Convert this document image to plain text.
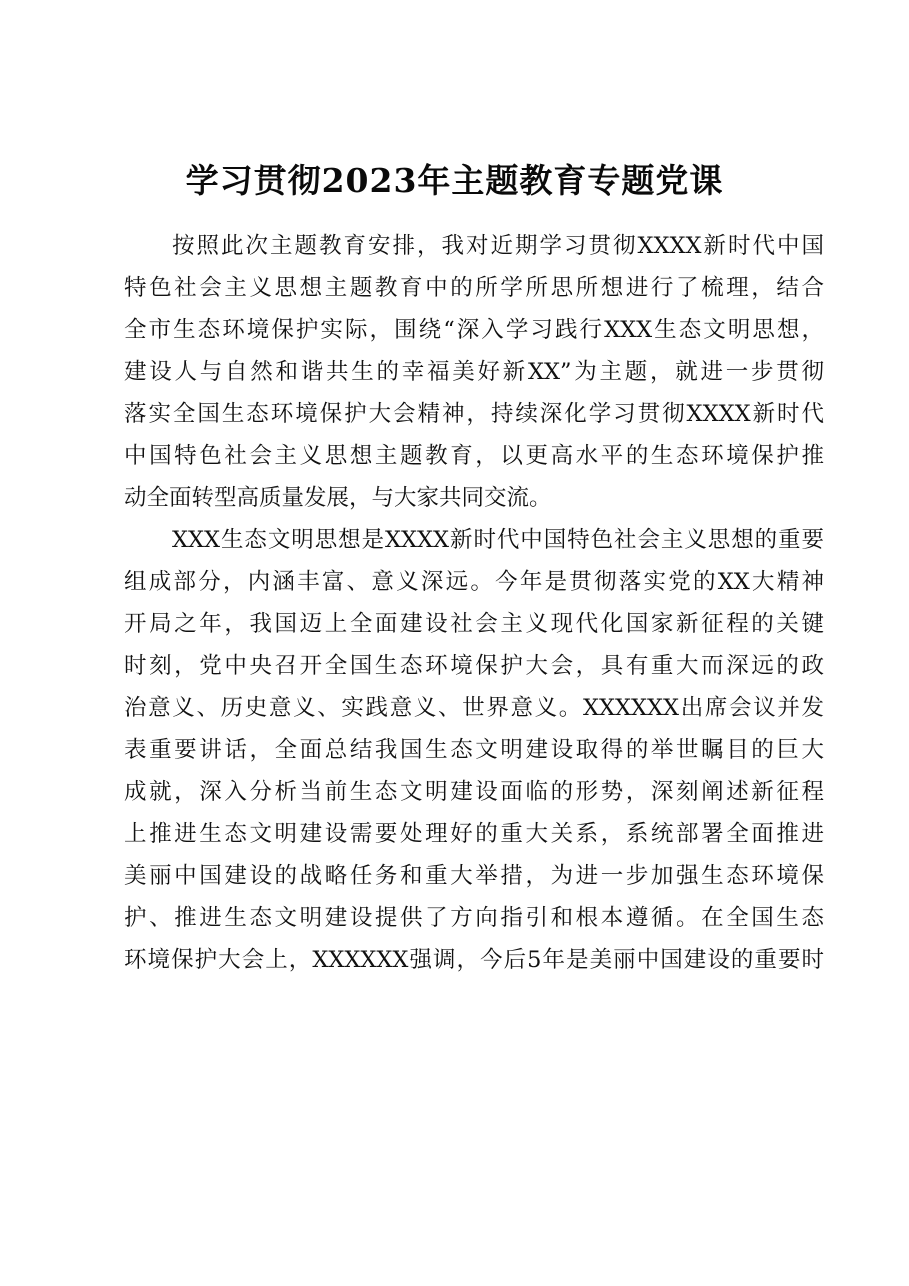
学习贯彻2023年主题教育专题党课
按照此次主题教育安排，我对近期学习贯彻XXXX新时代中国
特色社会主义思想主题教育中的所学所思所想进行了梳理，结合
全市生态环境保护实际，围绕“深入学习践行XXX生态文明思想，
建设人与自然和谐共生的幸福美好新XX”为主题，就进一步贯彻
落实全国生态环境保护大会精神，持续深化学习贯彻XXXX新时代
中国特色社会主义思想主题教育，以更高水平的生态环境保护推
动全面转型高质量发展，与大家共同交流。
XXX生态文明思想是XXXX新时代中国特色社会主义思想的重要
组成部分，内涵丰富、意义深远。今年是贯彻落实党的XX大精神
开局之年，我国迈上全面建设社会主义现代化国家新征程的关键
时刻，党中央召开全国生态环境保护大会，具有重大而深远的政
治意义、历史意义、实践意义、世界意义。XXXXXX出席会议并发
表重要讲话，全面总结我国生态文明建设取得的举世瞩目的巨大
成就，深入分析当前生态文明建设面临的形势，深刻阐述新征程
上推进生态文明建设需要处理好的重大关系，系统部署全面推进
美丽中国建设的战略任务和重大举措，为进一步加强生态环境保
护、推进生态文明建设提供了方向指引和根本遵循。在全国生态
环境保护大会上，XXXXXX强调，今后5年是美丽中国建设的重要时
